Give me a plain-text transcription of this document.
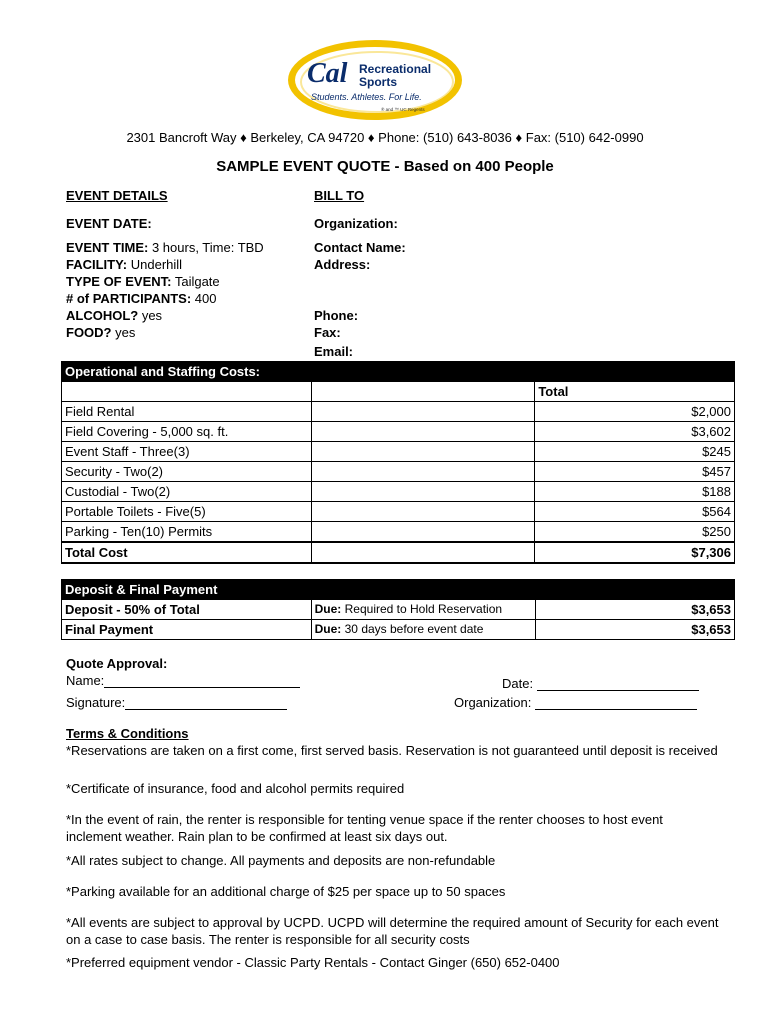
Cal Recreational
Sports
Students. Athletes. For Life.
® and ™ UC Regents
2301 Bancroft Way ♦ Berkeley, CA 94720 ♦ Phone: (510) 643-8036 ♦ Fax: (510) 642-0990
SAMPLE EVENT QUOTE - Based on 400 People
EVENT DETAILS
EVENT DATE:
EVENT TIME: 3 hours, Time: TBD
FACILITY: Underhill
TYPE OF EVENT: Tailgate
# of PARTICIPANTS: 400
ALCOHOL? yes
FOOD? yes
BILL TO
Organization:
Contact Name:
Address:
Phone:
Fax:
Email:
Operational and Staffing Costs:		
		Total
Field Rental		$2,000
Field Covering - 5,000 sq. ft.		$3,602
Event Staff - Three(3)		$245
Security - Two(2)		$457
Custodial - Two(2)		$188
Portable Toilets - Five(5)		$564
Parking - Ten(10) Permits		$250
Total Cost		$7,306
Deposit & Final Payment		
Deposit - 50% of Total	Due: Required to Hold Reservation	$3,653
Final Payment	Due: 30 days before event date	$3,653
Quote Approval:
Name:	Date:
Signature:	Organization:
Terms & Conditions
*Reservations are taken on a first come, first served basis. Reservation is not guaranteed until deposit is received
*Certificate of insurance, food and alcohol permits required
*In the event of rain, the renter is responsible for tenting venue space if the renter chooses to host event
inclement weather. Rain plan to be confirmed at least six days out.
*All rates subject to change. All payments and deposits are non-refundable
*Parking available for an additional charge of $25 per space up to 50 spaces
*All events are subject to approval by UCPD. UCPD will determine the required amount of Security for each event
on a case to case basis. The renter is responsible for all security costs
*Preferred equipment vendor - Classic Party Rentals - Contact Ginger (650) 652-0400
